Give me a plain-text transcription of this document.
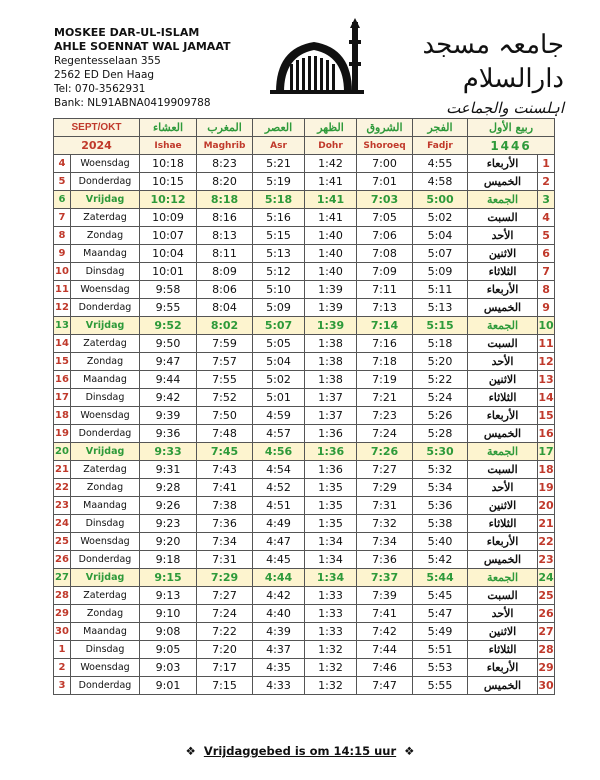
MOSKEE DAR-UL-ISLAM
AHLE SOENNAT WAL JAMAAT
Regentesselaan 355
2562 ED Den Haag
Tel: 070-3562931
Bank: NL91ABNA0419909788
جامعہ مسجد دارالسلام
اہلسنت والجماعت
SEPT/OKT		العشاء	المغرب	العصر	الظهر	الشروق	الفجر	ربيع الأول	
2024		Ishae	Maghrib	Asr	Dohr	Shoroeq	Fadjr	1446	
4	Woensdag	10:18	8:23	5:21	1:42	7:00	4:55	الأربعاء	1
5	Donderdag	10:15	8:20	5:19	1:41	7:01	4:58	الخميس	2
6	Vrijdag	10:12	8:18	5:18	1:41	7:03	5:00	الجمعة	3
7	Zaterdag	10:09	8:16	5:16	1:41	7:05	5:02	السبت	4
8	Zondag	10:07	8:13	5:15	1:40	7:06	5:04	الأحد	5
9	Maandag	10:04	8:11	5:13	1:40	7:08	5:07	الاثنين	6
10	Dinsdag	10:01	8:09	5:12	1:40	7:09	5:09	الثلاثاء	7
11	Woensdag	9:58	8:06	5:10	1:39	7:11	5:11	الأربعاء	8
12	Donderdag	9:55	8:04	5:09	1:39	7:13	5:13	الخميس	9
13	Vrijdag	9:52	8:02	5:07	1:39	7:14	5:15	الجمعة	10
14	Zaterdag	9:50	7:59	5:05	1:38	7:16	5:18	السبت	11
15	Zondag	9:47	7:57	5:04	1:38	7:18	5:20	الأحد	12
16	Maandag	9:44	7:55	5:02	1:38	7:19	5:22	الاثنين	13
17	Dinsdag	9:42	7:52	5:01	1:37	7:21	5:24	الثلاثاء	14
18	Woensdag	9:39	7:50	4:59	1:37	7:23	5:26	الأربعاء	15
19	Donderdag	9:36	7:48	4:57	1:36	7:24	5:28	الخميس	16
20	Vrijdag	9:33	7:45	4:56	1:36	7:26	5:30	الجمعة	17
21	Zaterdag	9:31	7:43	4:54	1:36	7:27	5:32	السبت	18
22	Zondag	9:28	7:41	4:52	1:35	7:29	5:34	الأحد	19
23	Maandag	9:26	7:38	4:51	1:35	7:31	5:36	الاثنين	20
24	Dinsdag	9:23	7:36	4:49	1:35	7:32	5:38	الثلاثاء	21
25	Woensdag	9:20	7:34	4:47	1:34	7:34	5:40	الأربعاء	22
26	Donderdag	9:18	7:31	4:45	1:34	7:36	5:42	الخميس	23
27	Vrijdag	9:15	7:29	4:44	1:34	7:37	5:44	الجمعة	24
28	Zaterdag	9:13	7:27	4:42	1:33	7:39	5:45	السبت	25
29	Zondag	9:10	7:24	4:40	1:33	7:41	5:47	الأحد	26
30	Maandag	9:08	7:22	4:39	1:33	7:42	5:49	الاثنين	27
1	Dinsdag	9:05	7:20	4:37	1:32	7:44	5:51	الثلاثاء	28
2	Woensdag	9:03	7:17	4:35	1:32	7:46	5:53	الأربعاء	29
3	Donderdag	9:01	7:15	4:33	1:32	7:47	5:55	الخميس	30
❖ Vrijdaggebed is om 14:15 uur ❖
